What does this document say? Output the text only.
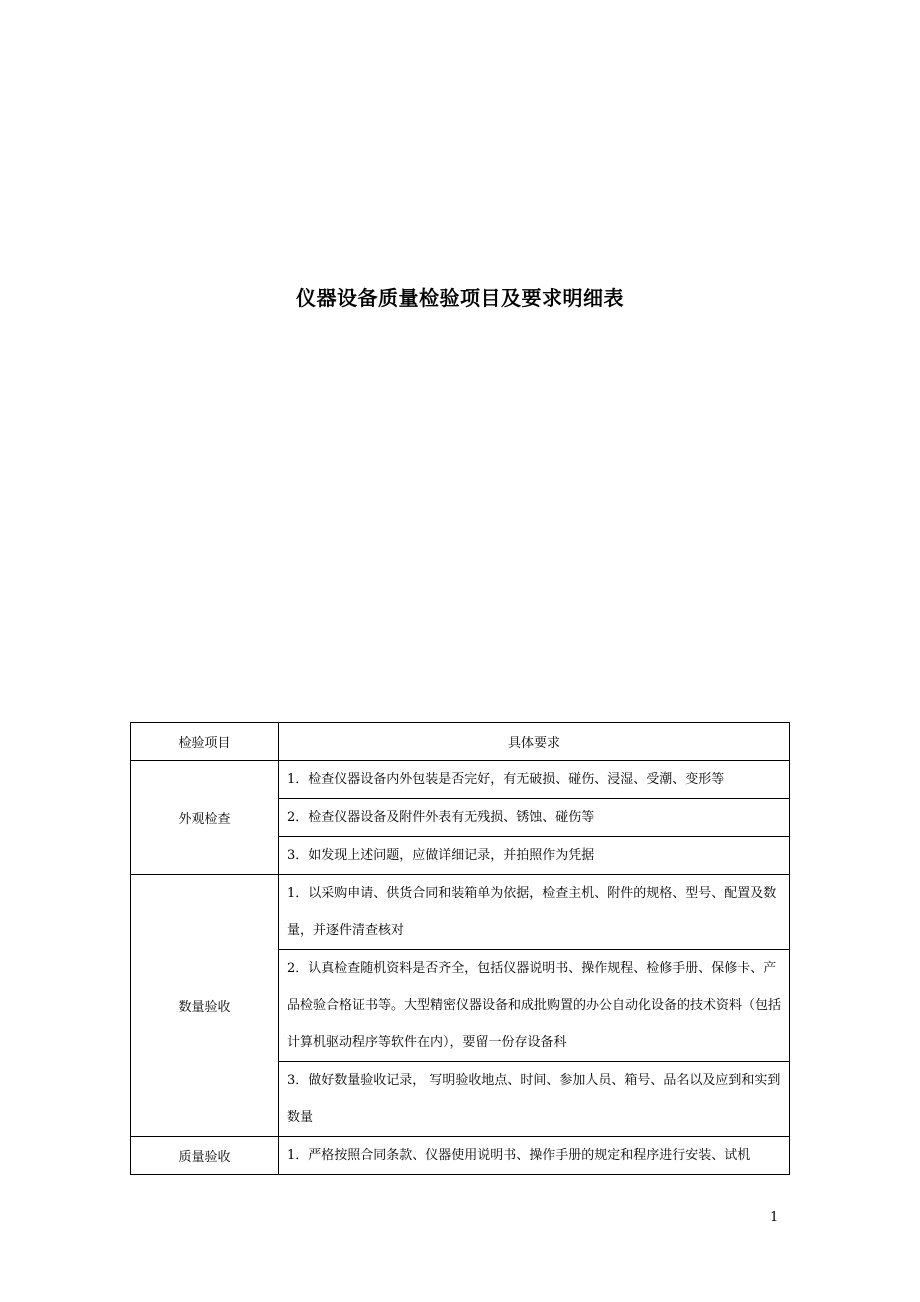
仪器设备质量检验项目及要求明细表
检验项目	具体要求
外观检查	1．检查仪器设备内外包装是否完好，有无破损、碰伤、浸湿、受潮、变形等
	2．检查仪器设备及附件外表有无残损、锈蚀、碰伤等
	3．如发现上述问题，应做详细记录，并拍照作为凭据
数量验收	1．以采购申请、供货合同和装箱单为依据，检查主机、附件的规格、型号、配置及数量，并逐件清查核对
	2．认真检查随机资料是否齐全，包括仪器说明书、操作规程、检修手册、保修卡、产品检验合格证书等。大型精密仪器设备和成批购置的办公自动化设备的技术资料（包括计算机驱动程序等软件在内），要留一份存设备科
	3．做好数量验收记录， 写明验收地点、时间、参加人员、箱号、品名以及应到和实到数量
质量验收	1．严格按照合同条款、仪器使用说明书、操作手册的规定和程序进行安装、试机
1
